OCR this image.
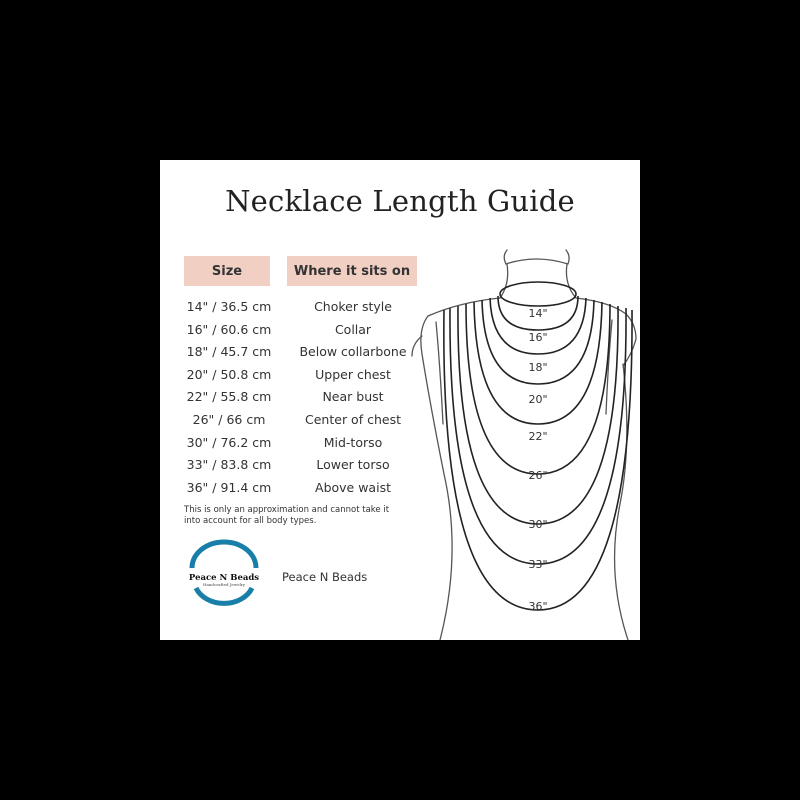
Necklace Length Guide
Size	Where it sits on
14" / 36.5 cm	Choker style
16" / 60.6 cm	Collar
18" / 45.7 cm	Below collarbone
20" / 50.8 cm	Upper chest
22" / 55.8 cm	Near bust
26" / 66 cm	Center of chest
30" / 76.2 cm	Mid-torso
33" / 83.8 cm	Lower torso
36" / 91.4 cm	Above waist

This is only an approximation and cannot take it into account for all body types.

Peace N Beads
Handcrafted Jewelry
Peace N Beads
14"
16"
18"
20"
22"
26"
30"
33"
36"
